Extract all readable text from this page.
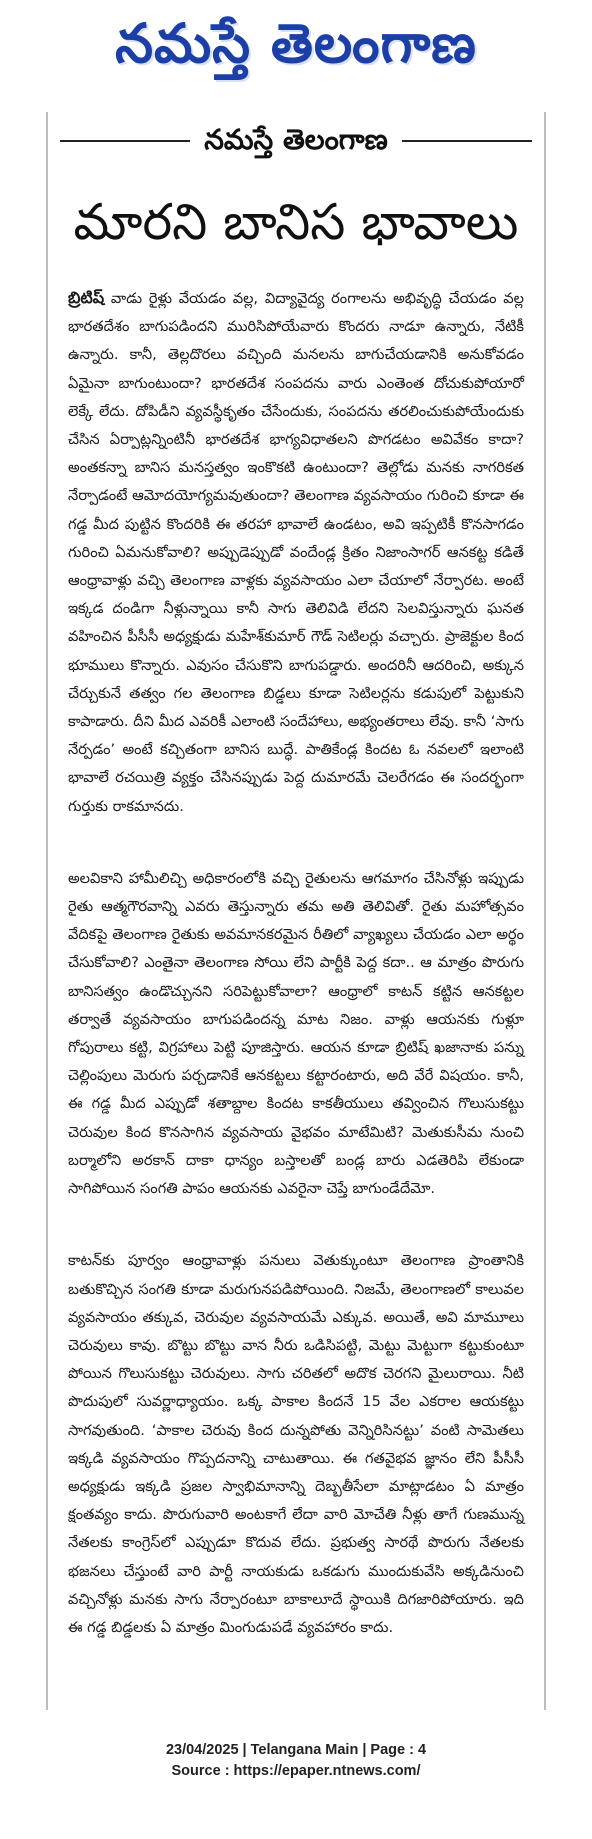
నమస్తే తెలంగాణ
నమస్తే తెలంగాణ
మారని బానిస భావాలు

బ్రిటిష్ వాడు రైళ్లు వేయడం వల్ల, విద్యావైద్య రంగాలను అభివృద్ధి చేయడం వల్ల భారతదేశం బాగుపడిందని మురిసిపోయేవారు కొందరు నాడూ ఉన్నారు, నేటికీ ఉన్నారు. కానీ, తెల్లదొరలు వచ్చింది మనలను బాగుచేయడానికి అనుకోవడం ఏమైనా బాగుంటుందా? భారతదేశ సంపదను వారు ఎంతెంత దోచుకుపోయారో లెక్కే లేదు. దోపిడీని వ్యవస్థీకృతం చేసేందుకు, సంపదను తరలించుకుపోయేందుకు చేసిన ఏర్పాట్లన్నింటినీ భారతదేశ భాగ్యవిధాతలని పొగడటం అవివేకం కాదా? అంతకన్నా బానిస మనస్తత్వం ఇంకొకటి ఉంటుందా? తెల్లోడు మనకు నాగరికత నేర్పాడంటే ఆమోదయోగ్యమవుతుందా? తెలంగాణ వ్యవసాయం గురించి కూడా ఈ గడ్డ మీద పుట్టిన కొందరికి ఈ తరహా భావాలే ఉండటం, అవి ఇప్పటికీ కొనసాగడం గురించి ఏమనుకోవాలి? అప్పుడెప్పుడో వందేండ్ల క్రితం నిజాంసాగర్ ఆనకట్ట కడితే ఆంధ్రావాళ్లు వచ్చి తెలంగాణ వాళ్లకు వ్యవసాయం ఎలా చేయాలో నేర్పారట. అంటే ఇక్కడ దండిగా నీళ్లున్నాయి కానీ సాగు తెలివిడి లేదని సెలవిస్తున్నారు ఘనత వహించిన పీసీసీ అధ్యక్షుడు మహేశ్‌కుమార్ గౌడ్ సెటిలర్లు వచ్చారు. ప్రాజెక్టుల కింద భూములు కొన్నారు. ఎవుసం చేసుకొని బాగుపడ్డారు. అందరినీ ఆదరించి, అక్కున చేర్చుకునే తత్వం గల తెలంగాణ బిడ్డలు కూడా సెటిలర్లను కడుపులో పెట్టుకుని కాపాడారు. దీని మీద ఎవరికీ ఎలాంటి సందేహాలు, అభ్యంతరాలు లేవు. కానీ ‘సాగు నేర్పడం’ అంటే కచ్చితంగా బానిస బుద్ధే. పాతికేండ్ల కిందట ఓ నవలలో ఇలాంటి భావాలే రచయిత్రి వ్యక్తం చేసినప్పుడు పెద్ద దుమారమే చెలరేగడం ఈ సందర్భంగా గుర్తుకు రాకమానదు.

అలవికాని హామీలిచ్చి అధికారంలోకి వచ్చి రైతులను ఆగమాగం చేసినోళ్లు ఇప్పుడు రైతు ఆత్మగౌరవాన్ని ఎవరు తెస్తున్నారు తమ అతి తెలివితో. రైతు మహోత్సవం వేదికపై తెలంగాణ రైతుకు అవమానకరమైన రీతిలో వ్యాఖ్యలు చేయడం ఎలా అర్థం చేసుకోవాలి? ఎంతైనా తెలంగాణ సోయి లేని పార్టీకి పెద్ద కదా.. ఆ మాత్రం పొరుగు బానిసత్వం ఉండొచ్చునని సరిపెట్టుకోవాలా? ఆంధ్రాలో కాటన్ కట్టిన ఆనకట్టల తర్వాతే వ్యవసాయం బాగుపడిందన్న మాట నిజం. వాళ్లు ఆయనకు గుళ్లూ గోపురాలు కట్టి, విగ్రహాలు పెట్టి పూజిస్తారు. ఆయన కూడా బ్రిటిష్ ఖజానాకు పన్ను చెల్లింపులు మెరుగు పర్చడానికే ఆనకట్టలు కట్టారంటారు, అది వేరే విషయం. కానీ, ఈ గడ్డ మీద ఎప్పుడో శతాబ్దాల కిందట కాకతీయులు తవ్వించిన గొలుసుకట్టు చెరువుల కింద కొనసాగిన వ్యవసాయ వైభవం మాటేమిటి? మెతుకుసీమ నుంచి బర్మాలోని అరకాన్ దాకా ధాన్యం బస్తాలతో బండ్ల బారు ఎడతెరిపి లేకుండా సాగిపోయిన సంగతి పాపం ఆయనకు ఎవరైనా చెప్తే బాగుండేదేమో.

కాటన్‌కు పూర్వం ఆంధ్రావాళ్లు పనులు వెతుక్కుంటూ తెలంగాణ ప్రాంతానికి బతుకొచ్చిన సంగతి కూడా మరుగునపడిపోయింది. నిజమే, తెలంగాణలో కాలువల వ్యవసాయం తక్కువ, చెరువుల వ్యవసాయమే ఎక్కువ. అయితే, అవి మామూలు చెరువులు కావు. బొట్టు బొట్టు వాన నీరు ఒడిసిపట్టి, మెట్టు మెట్టుగా కట్టుకుంటూ పోయిన గొలుసుకట్టు చెరువులు. సాగు చరితలో అదొక చెరగని మైలురాయి. నీటి పొదుపులో సువర్ణాధ్యాయం. ఒక్క పాకాల కిందనే 15 వేల ఎకరాల ఆయకట్టు సాగవుతుంది. ‘పాకాల చెరువు కింద దున్నపోతు వెన్నిరిసినట్టు’ వంటి సామెతలు ఇక్కడి వ్యవసాయం గొప్పదనాన్ని చాటుతాయి. ఈ గతవైభవ జ్ఞానం లేని పీసీసీ అధ్యక్షుడు ఇక్కడి ప్రజల స్వాభిమానాన్ని దెబ్బతీసేలా మాట్లాడటం ఏ మాత్రం క్షంతవ్యం కాదు. పొరుగువారి అంటకాగే లేదా వారి మోచేతి నీళ్లు తాగే గుణమున్న నేతలకు కాంగ్రెస్‌లో ఎప్పుడూ కొదువ లేదు. ప్రభుత్వ సారథే పొరుగు నేతలకు భజనలు చేస్తుంటే వారి పార్టీ నాయకుడు ఒకడుగు ముందుకువేసి అక్కడినుంచి వచ్చినోళ్లు మనకు సాగు నేర్పారంటూ బాకాలూదే స్థాయికి దిగజారిపోయారు. ఇది ఈ గడ్డ బిడ్డలకు ఏ మాత్రం మింగుడుపడే వ్యవహారం కాదు.

23/04/2025 | Telangana Main | Page : 4
Source : https://epaper.ntnews.com/
